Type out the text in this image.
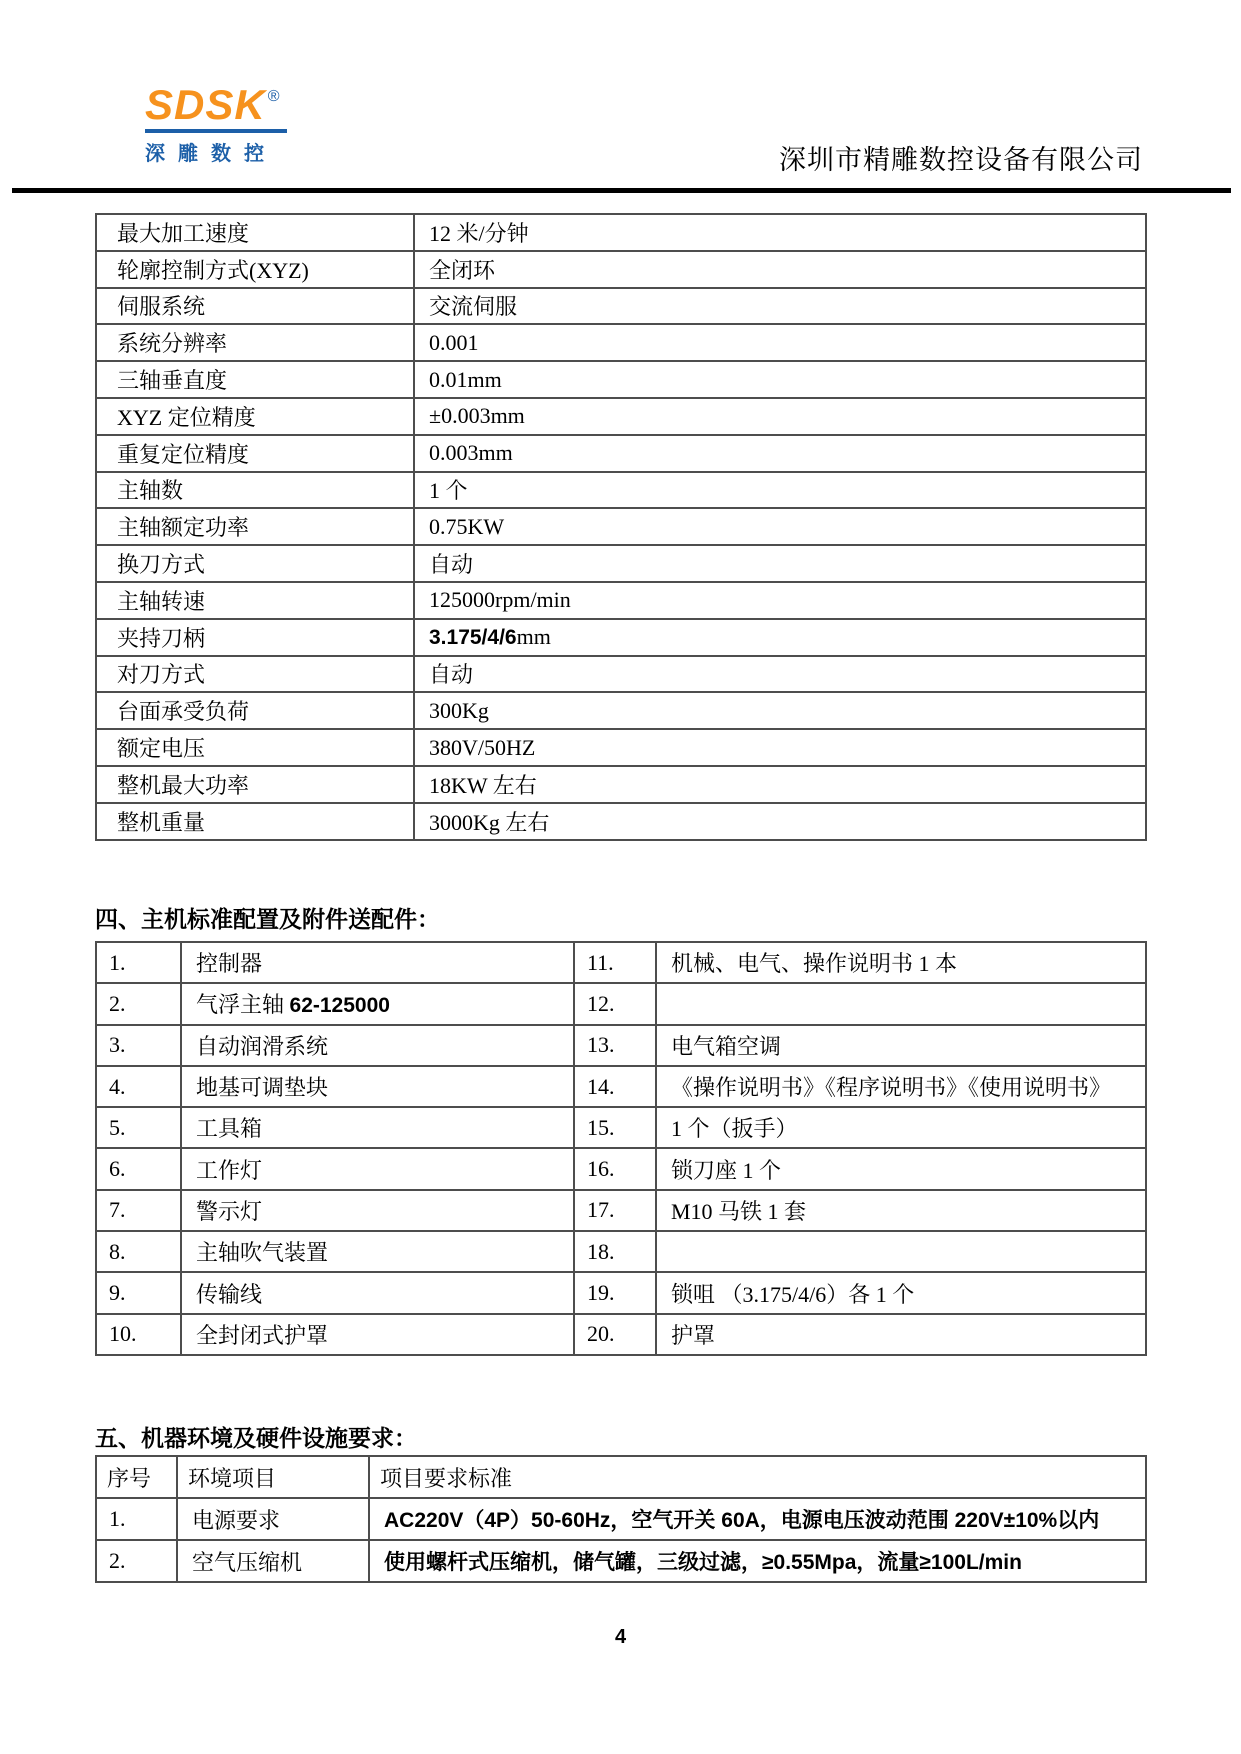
SDSK ®
深雕数控	深圳市精雕数控设备有限公司
最大加工速度	12 米/分钟
轮廓控制方式(XYZ)	全闭环
伺服系统	交流伺服
系统分辨率	0.001
三轴垂直度	0.01mm
XYZ 定位精度	±0.003mm
重复定位精度	0.003mm
主轴数	1 个
主轴额定功率	0.75KW
换刀方式	自动
主轴转速	125000rpm/min
夹持刀柄	3.175/4/6mm
对刀方式	自动
台面承受负荷	300Kg
额定电压	380V/50HZ
整机最大功率	18KW 左右
整机重量	3000Kg 左右
四、主机标准配置及附件送配件：
1.	控制器	11.	机械、电气、操作说明书 1 本
2.	气浮主轴 62-125000	12.	
3.	自动润滑系统	13.	电气箱空调
4.	地基可调垫块	14.	《操作说明书》《程序说明书》《使用说明书》
5.	工具箱	15.	1 个（扳手）
6.	工作灯	16.	锁刀座 1 个
7.	警示灯	17.	M10 马铁 1 套
8.	主轴吹气装置	18.	
9.	传输线	19.	锁咀 （3.175/4/6）各 1 个
10.	全封闭式护罩	20.	护罩
五、机器环境及硬件设施要求：
序号	环境项目	项目要求标准
1.	电源要求	AC220V（4P）50-60Hz，空气开关 60A，电源电压波动范围 220V±10%以内
2.	空气压缩机	使用螺杆式压缩机，储气罐，三级过滤，≥0.55Mpa，流量≥100L/min
4
